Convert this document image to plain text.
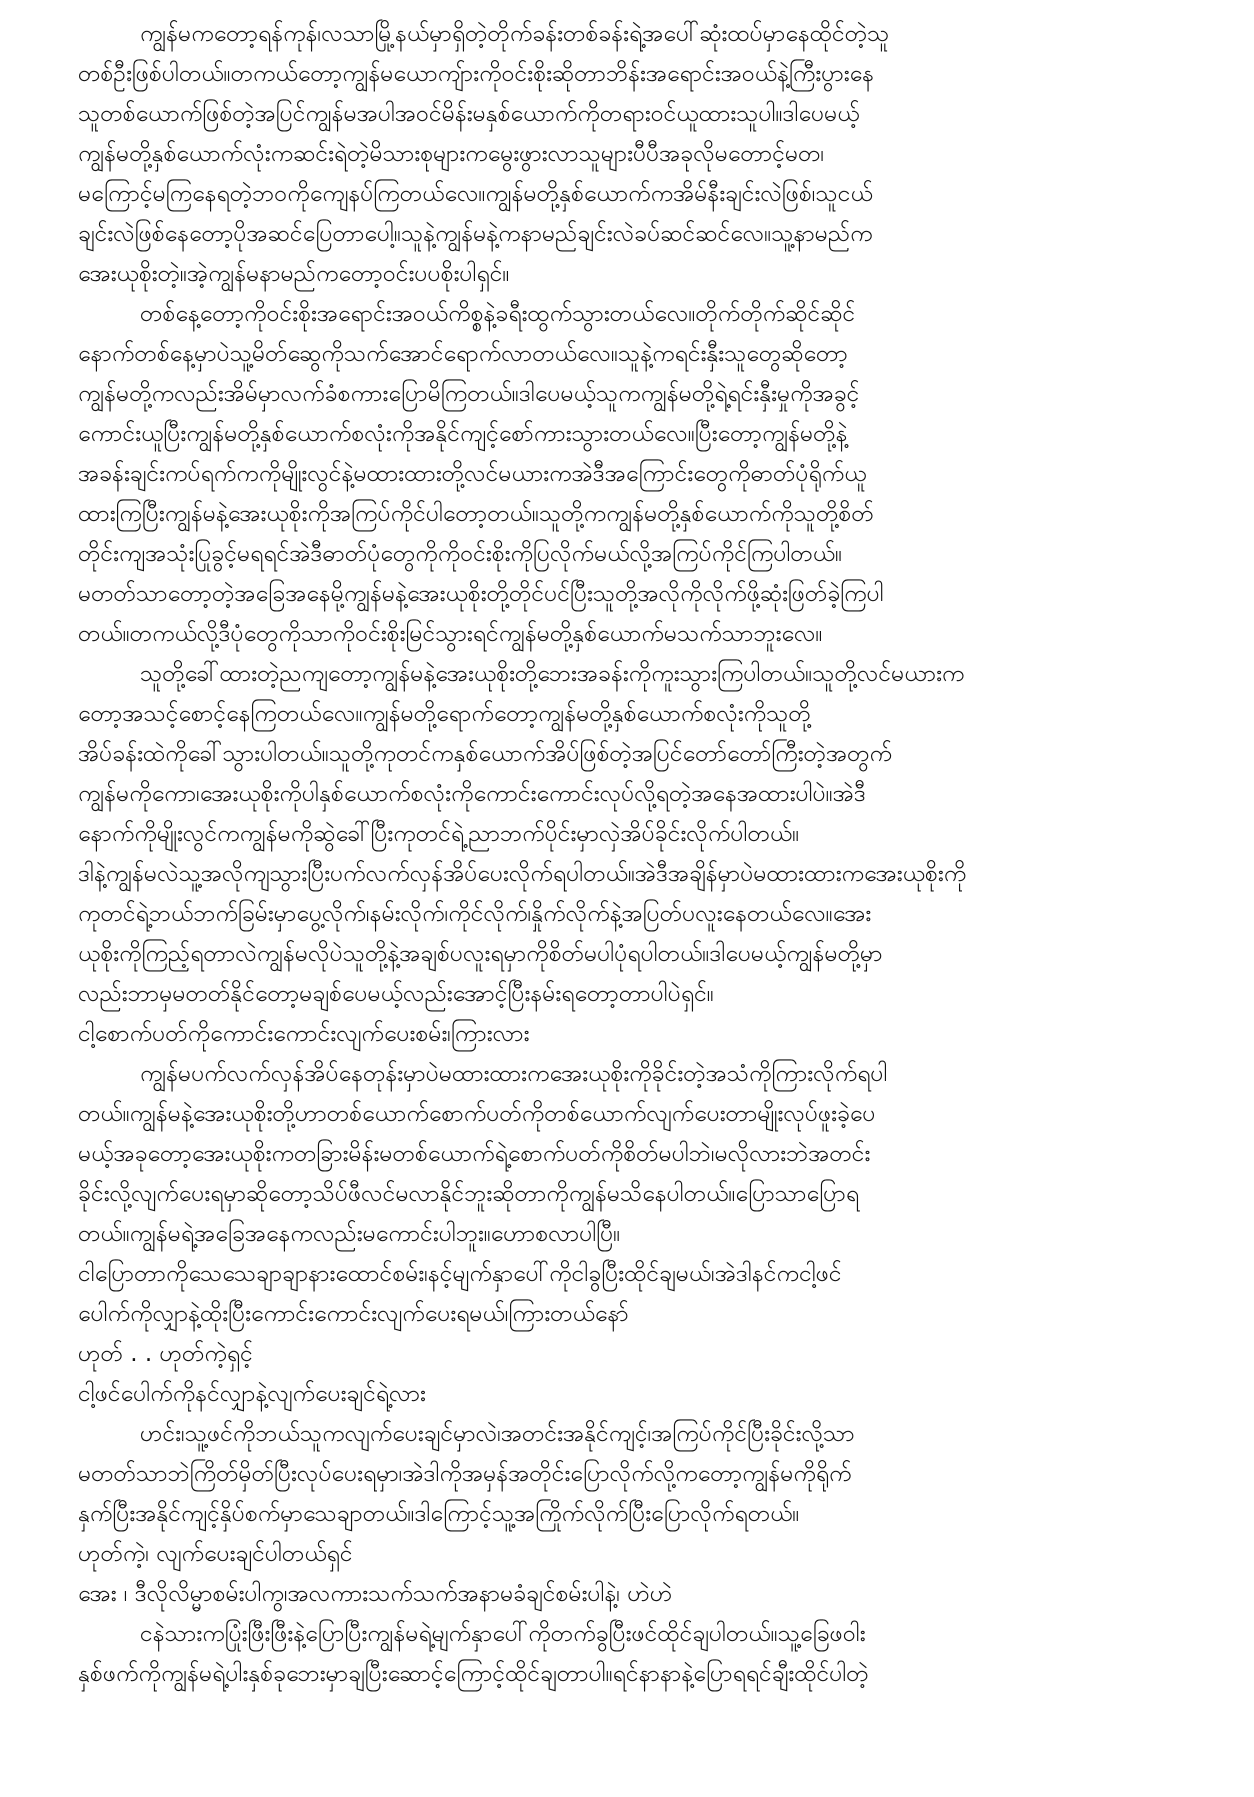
ကျွန်မကတော့ရန်ကုန်၊လသာမြို့နယ်မှာရှိတဲ့တိုက်ခန်းတစ်ခန်းရဲ့အပေါ်ဆုံးထပ်မှာနေထိုင်တဲ့သူ
တစ်ဦးဖြစ်ပါတယ်။တကယ်တော့ကျွန်မယောကျ်ားကိုဝင်းစိုးဆိုတာဘိန်းအရောင်းအဝယ်နဲ့ကြီးပွားနေ
သူတစ်ယောက်ဖြစ်တဲ့အပြင်ကျွန်မအပါအဝင်မိန်းမနှစ်ယောက်ကိုတရားဝင်ယူထားသူပါ။ဒါပေမယ့်
ကျွန်မတို့နှစ်ယောက်လုံးကဆင်းရဲတဲ့မိသားစုများကမွေးဖွားလာသူများပီပီအခုလိုမတောင့်မတ၊
မကြောင့်မကြနေရတဲ့ဘဝကိုကျေနပ်ကြတယ်လေ။ကျွန်မတို့နှစ်ယောက်ကအိမ်နီးချင်းလဲဖြစ်၊သူငယ်
ချင်းလဲဖြစ်နေတော့ပိုအဆင်ပြေတာပေါ့။သူနဲ့ကျွန်မနဲ့ကနာမည်ချင်းလဲခပ်ဆင်ဆင်လေ။သူ့နာမည်က
အေးယုစိုးတဲ့။အဲ့ကျွန်မနာမည်ကတော့ဝင်းပပစိုးပါရှင်။
တစ်နေ့တော့ကိုဝင်းစိုးအရောင်းအဝယ်ကိစ္စနဲ့ခရီးထွက်သွားတယ်လေ။တိုက်တိုက်ဆိုင်ဆိုင်
နောက်တစ်နေ့မှာပဲသူ့မိတ်ဆွေကိုသက်အောင်ရောက်လာတယ်လေ။သူနဲ့ကရင်းနှီးသူတွေဆိုတော့
ကျွန်မတို့ကလည်းအိမ်မှာလက်ခံစကားပြောမိကြတယ်။ဒါပေမယ့်သူကကျွန်မတို့ရဲ့ရင်းနှီးမှုကိုအခွင့်
ကောင်းယူပြီးကျွန်မတို့နှစ်ယောက်စလုံးကိုအနိုင်ကျင့်စော်ကားသွားတယ်လေ။ပြီးတော့ကျွန်မတို့နဲ့
အခန်းချင်းကပ်ရက်ကကိုမျိုးလွင်နဲ့မထားထားတို့လင်မယားကအဲဒီအကြောင်းတွေကိုဓာတ်ပုံရိုက်ယူ
ထားကြပြီးကျွန်မနဲ့အေးယုစိုးကိုအကြပ်ကိုင်ပါတော့တယ်။သူတို့ကကျွန်မတို့နှစ်ယောက်ကိုသူတို့စိတ်
တိုင်းကျအသုံးပြုခွင့်မရရင်အဲဒီဓာတ်ပုံတွေကိုကိုဝင်းစိုးကိုပြလိုက်မယ်လို့အကြပ်ကိုင်ကြပါတယ်။
မတတ်သာတော့တဲ့အခြေအနေမို့ကျွန်မနဲ့အေးယုစိုးတို့တိုင်ပင်ပြီးသူတို့အလိုကိုလိုက်ဖို့ဆုံးဖြတ်ခဲ့ကြပါ
တယ်။တကယ်လို့ဒီပုံတွေကိုသာကိုဝင်းစိုးမြင်သွားရင်ကျွန်မတို့နှစ်ယောက်မသက်သာဘူးလေ။
သူတို့ခေါ်ထားတဲ့ညကျတော့ကျွန်မနဲ့အေးယုစိုးတို့ဘေးအခန်းကိုကူးသွားကြပါတယ်။သူတို့လင်မယားက
တော့အသင့်စောင့်နေကြတယ်လေ။ကျွန်မတို့ရောက်တော့ကျွန်မတို့နှစ်ယောက်စလုံးကိုသူတို့
အိပ်ခန်းထဲကိုခေါ်သွားပါတယ်။သူတို့ကုတင်ကနှစ်ယောက်အိပ်ဖြစ်တဲ့အပြင်တော်တော်ကြီးတဲ့အတွက်
ကျွန်မကိုကော၊အေးယုစိုးကိုပါနှစ်ယောက်စလုံးကိုကောင်းကောင်းလုပ်လို့ရတဲ့အနေအထားပါပဲ။အဲဒီ
နောက်ကိုမျိုးလွင်ကကျွန်မကိုဆွဲခေါ်ပြီးကုတင်ရဲ့ညာဘက်ပိုင်းမှာလှဲအိပ်ခိုင်းလိုက်ပါတယ်။
ဒါနဲ့ကျွန်မလဲသူ့အလိုကျသွားပြီးပက်လက်လှန်အိပ်ပေးလိုက်ရပါတယ်။အဲဒီအချိန်မှာပဲမထားထားကအေးယုစိုးကို
ကုတင်ရဲ့ဘယ်ဘက်ခြမ်းမှာပွေ့လိုက်၊နမ်းလိုက်၊ကိုင်လိုက်၊နှိုက်လိုက်နဲ့အပြတ်ပလူးနေတယ်လေ။အေး
ယုစိုးကိုကြည့်ရတာလဲကျွန်မလိုပဲသူတို့နဲ့အချစ်ပလူးရမှာကိုစိတ်မပါပုံရပါတယ်။ဒါပေမယ့်ကျွန်မတို့မှာ
လည်းဘာမှမတတ်နိုင်တော့မချစ်ပေမယ့်လည်းအောင့်ပြီးနမ်းရတော့တာပါပဲရှင်။
ငါ့စောက်ပတ်ကိုကောင်းကောင်းလျက်ပေးစမ်း၊ကြားလား
ကျွန်မပက်လက်လှန်အိပ်နေတုန်းမှာပဲမထားထားကအေးယုစိုးကိုခိုင်းတဲ့အသံကိုကြားလိုက်ရပါ
တယ်။ကျွန်မနဲ့အေးယုစိုးတို့ဟာတစ်ယောက်စောက်ပတ်ကိုတစ်ယောက်လျက်ပေးတာမျိုးလုပ်ဖူးခဲ့ပေ
မယ့်အခုတော့အေးယုစိုးကတခြားမိန်းမတစ်ယောက်ရဲ့စောက်ပတ်ကိုစိတ်မပါဘဲ၊မလိုလားဘဲအတင်း
ခိုင်းလို့လျက်ပေးရမှာဆိုတော့သိပ်ဖီလင်မလာနိုင်ဘူးဆိုတာကိုကျွန်မသိနေပါတယ်။ပြောသာပြောရ
တယ်။ကျွန်မရဲ့အခြေအနေကလည်းမကောင်းပါဘူး။ဟောစလာပါပြီ။
ငါပြောတာကိုသေသေချာချာနားထောင်စမ်း၊နင့်မျက်နှာပေါ်ကိုငါခွပြီးထိုင်ချမယ်၊အဲဒါနင်ကငါ့ဖင်
ပေါက်ကိုလျှာနဲ့ထိုးပြီးကောင်းကောင်းလျက်ပေးရမယ်၊ကြားတယ်နော်
ဟုတ် . . ဟုတ်ကဲ့ရှင့်
ငါ့ဖင်ပေါက်ကိုနင်လျှာနဲ့လျက်ပေးချင်ရဲ့လား
ဟင်း၊သူ့ဖင်ကိုဘယ်သူကလျက်ပေးချင်မှာလဲ၊အတင်းအနိုင်ကျင့်၊အကြပ်ကိုင်ပြီးခိုင်းလို့သာ
မတတ်သာဘဲကြိတ်မှိတ်ပြီးလုပ်ပေးရမှာ၊အဲဒါကိုအမှန်အတိုင်းပြောလိုက်လို့ကတော့ကျွန်မကိုရိုက်
နှက်ပြီးအနိုင်ကျင့်နှိပ်စက်မှာသေချာတယ်။ဒါကြောင့်သူ့အကြိုက်လိုက်ပြီးပြောလိုက်ရတယ်။
ဟုတ်ကဲ့၊ လျက်ပေးချင်ပါတယ်ရှင်
အေး ၊ ဒီလိုလိမ္မာစမ်းပါကွ၊အလကားသက်သက်အနာမခံချင်စမ်းပါနဲ့၊ ဟဲဟဲ
ငနဲသားကပြုံးဖြီးဖြီးနဲ့ပြောပြီးကျွန်မရဲ့မျက်နှာပေါ်ကိုတက်ခွပြီးဖင်ထိုင်ချပါတယ်။သူ့ခြေဖဝါး
နှစ်ဖက်ကိုကျွန်မရဲ့ပါးနှစ်ခုဘေးမှာချပြီးဆောင့်ကြောင့်ထိုင်ချတာပါ။ရင်နာနာနဲ့ပြောရရင်ချီးထိုင်ပါတဲ့
